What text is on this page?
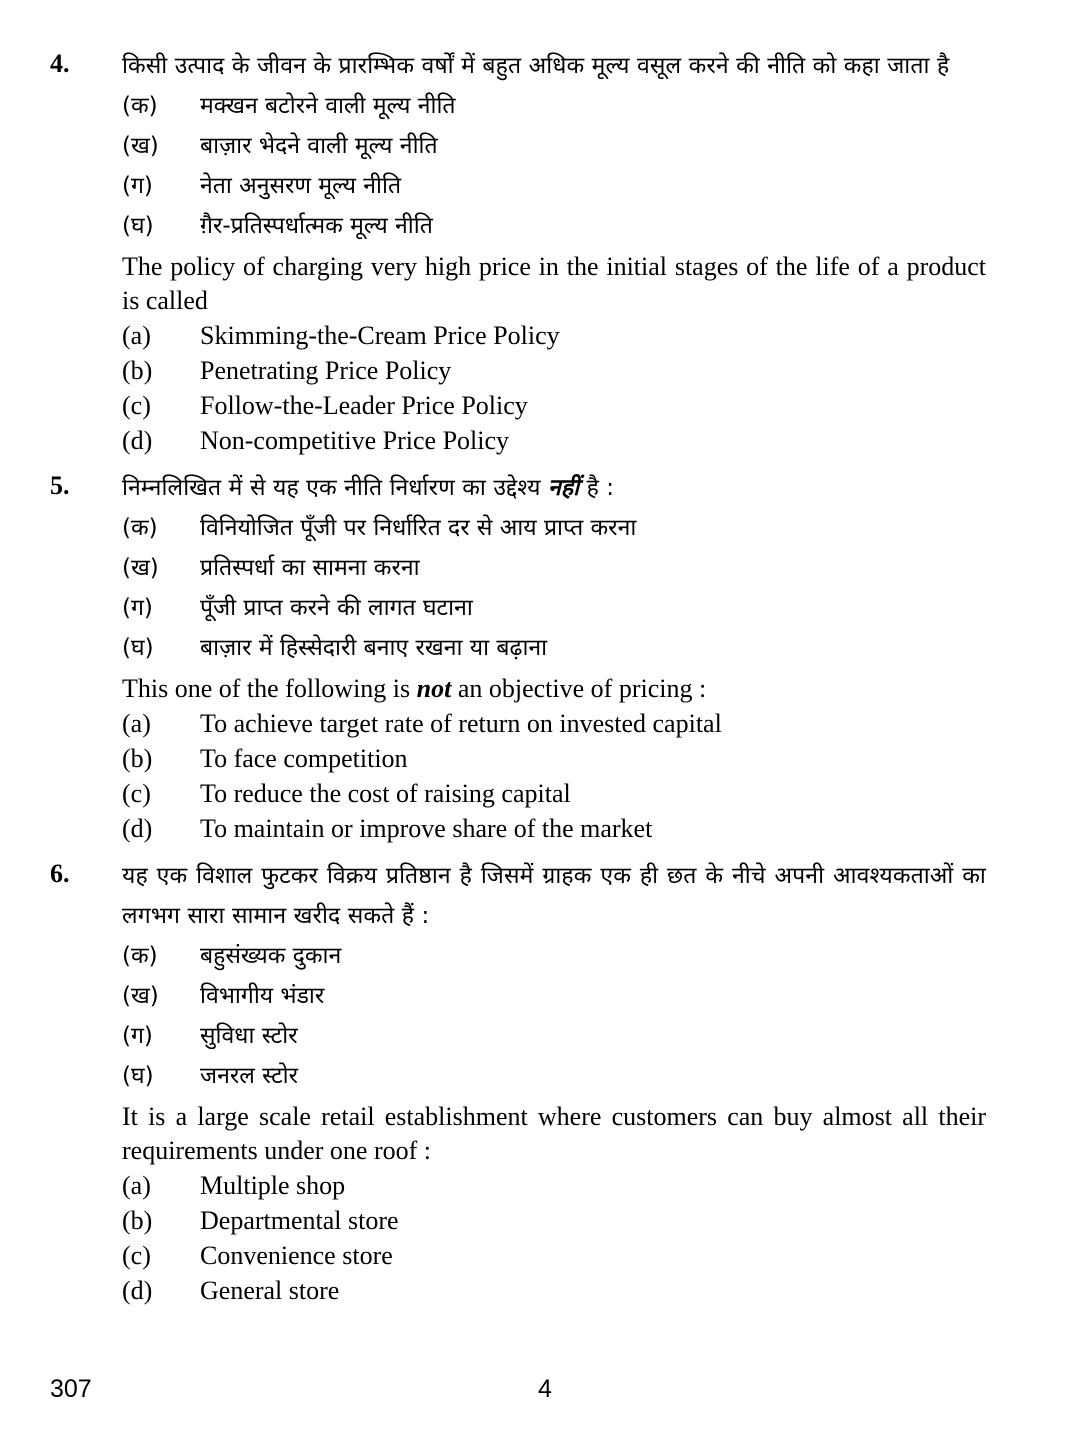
4.	किसी उत्पाद के जीवन के प्रारम्भिक वर्षों में बहुत अधिक मूल्य वसूल करने की नीति को कहा जाता है
(क)	मक्खन बटोरने वाली मूल्य नीति
(ख)	बाज़ार भेदने वाली मूल्य नीति
(ग)	नेता अनुसरण मूल्य नीति
(घ)	ग़ैर-प्रतिस्पर्धात्मक मूल्य नीति
The policy of charging very high price in the initial stages of the life of a product is called
(a)	Skimming-the-Cream Price Policy
(b)	Penetrating Price Policy
(c)	Follow-the-Leader Price Policy
(d)	Non-competitive Price Policy
5.	निम्नलिखित में से यह एक नीति निर्धारण का उद्देश्य नहीं है :
(क)	विनियोजित पूँजी पर निर्धारित दर से आय प्राप्त करना
(ख)	प्रतिस्पर्धा का सामना करना
(ग)	पूँजी प्राप्त करने की लागत घटाना
(घ)	बाज़ार में हिस्सेदारी बनाए रखना या बढ़ाना
This one of the following is not an objective of pricing :
(a)	To achieve target rate of return on invested capital
(b)	To face competition
(c)	To reduce the cost of raising capital
(d)	To maintain or improve share of the market
6.	यह एक विशाल फुटकर विक्रय प्रतिष्ठान है जिसमें ग्राहक एक ही छत के नीचे अपनी आवश्यकताओं का लगभग सारा सामान खरीद सकते हैं :
(क)	बहुसंख्यक दुकान
(ख)	विभागीय भंडार
(ग)	सुविधा स्टोर
(घ)	जनरल स्टोर
It is a large scale retail establishment where customers can buy almost all their requirements under one roof :
(a)	Multiple shop
(b)	Departmental store
(c)	Convenience store
(d)	General store
307	4
